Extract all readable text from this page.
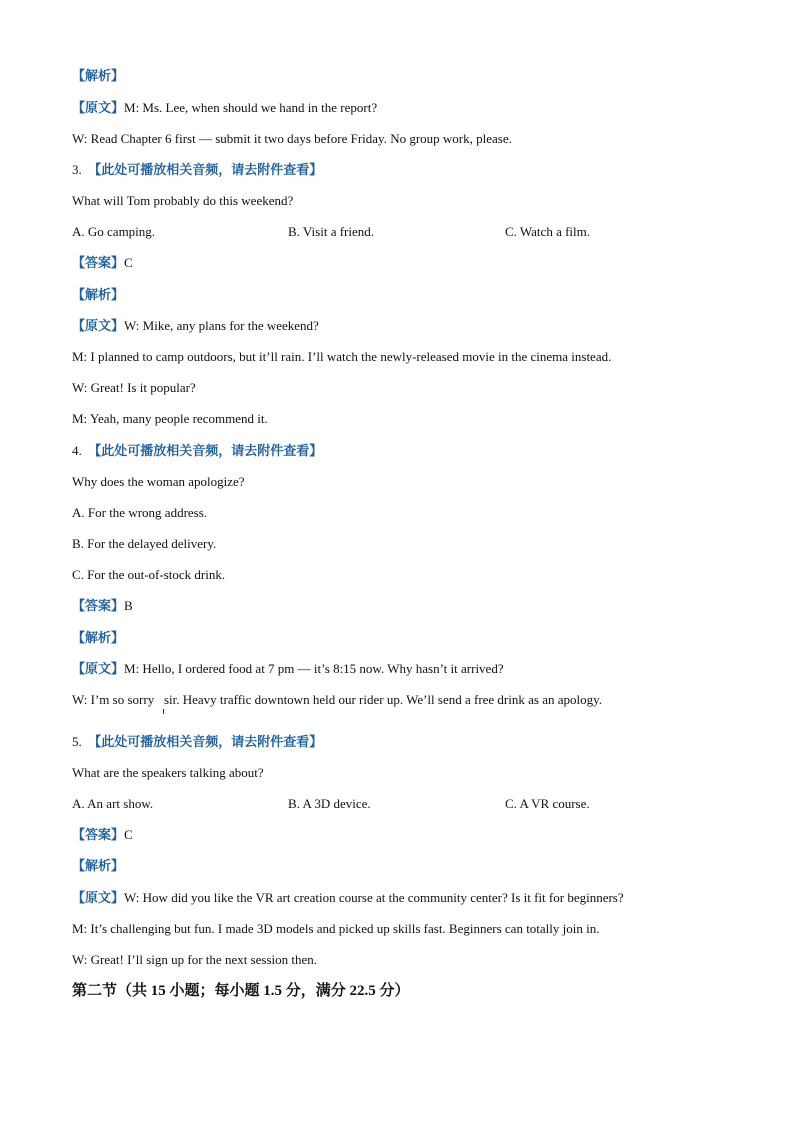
【解析】
【原文】M: Ms. Lee, when should we hand in the report?
W: Read Chapter 6 first — submit it two days before Friday. No group work, please.
3. 【此处可播放相关音频，请去附件查看】
What will Tom probably do this weekend?
A. Go camping.	B. Visit a friend.	C. Watch a film.
【答案】C
【解析】
【原文】W: Mike, any plans for the weekend?
M: I planned to camp outdoors, but it’ll rain. I’ll watch the newly-released movie in the cinema instead.
W: Great! Is it popular?
M: Yeah, many people recommend it.
4. 【此处可播放相关音频，请去附件查看】
Why does the woman apologize?
A. For the wrong address.
B. For the delayed delivery.
C. For the out-of-stock drink.
【答案】B
【解析】
【原文】M: Hello, I ordered food at 7 pm — it’s 8:15 now. Why hasn’t it arrived?
W: I’m so sorry sir. Heavy traffic downtown held our rider up. We’ll send a free drink as an apology.
5. 【此处可播放相关音频，请去附件查看】
What are the speakers talking about?
A. An art show.	B. A 3D device.	C. A VR course.
【答案】C
【解析】
【原文】W: How did you like the VR art creation course at the community center? Is it fit for beginners?
M: It’s challenging but fun. I made 3D models and picked up skills fast. Beginners can totally join in.
W: Great! I’ll sign up for the next session then.
第二节（共 15 小题；每小题 1.5 分，满分 22.5 分）
